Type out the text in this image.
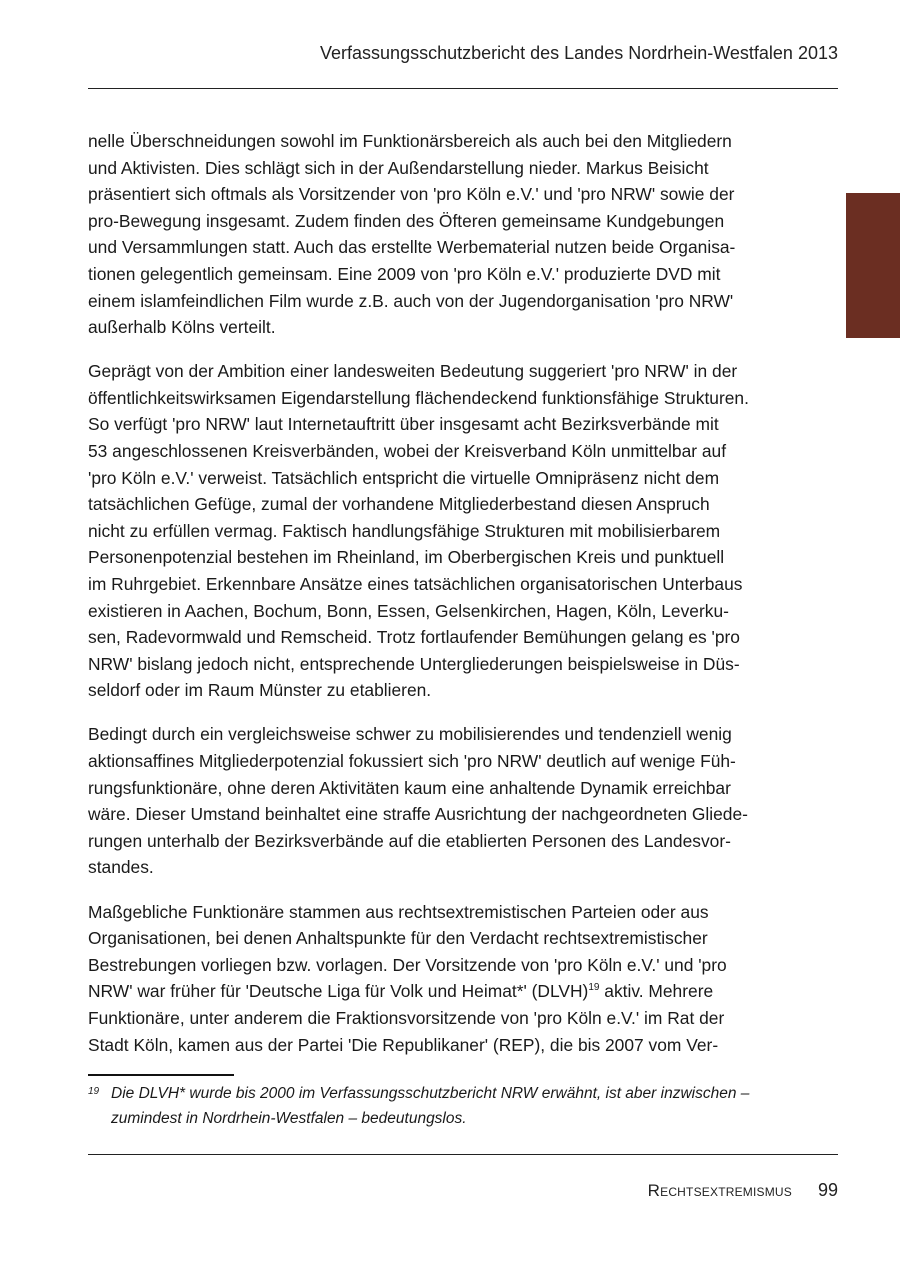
Verfassungsschutzbericht des Landes Nordrhein-Westfalen 2013

nelle Überschneidungen sowohl im Funktionärsbereich als auch bei den Mitgliedern
und Aktivisten. Dies schlägt sich in der Außendarstellung nieder. Markus Beisicht
präsentiert sich oftmals als Vorsitzender von 'pro Köln e.V.' und 'pro NRW' sowie der
pro-Bewegung insgesamt. Zudem finden des Öfteren gemeinsame Kundgebungen
und Versammlungen statt. Auch das erstellte Werbematerial nutzen beide Organisa-
tionen gelegentlich gemeinsam. Eine 2009 von 'pro Köln e.V.' produzierte DVD mit
einem islamfeindlichen Film wurde z.B. auch von der Jugendorganisation 'pro NRW'
außerhalb Kölns verteilt.

Geprägt von der Ambition einer landesweiten Bedeutung suggeriert 'pro NRW' in der
öffentlichkeitswirksamen Eigendarstellung flächendeckend funktionsfähige Strukturen.
So verfügt 'pro NRW' laut Internetauftritt über insgesamt acht Bezirksverbände mit
53 angeschlossenen Kreisverbänden, wobei der Kreisverband Köln unmittelbar auf
'pro Köln e.V.' verweist. Tatsächlich entspricht die virtuelle Omnipräsenz nicht dem
tatsächlichen Gefüge, zumal der vorhandene Mitgliederbestand diesen Anspruch
nicht zu erfüllen vermag. Faktisch handlungsfähige Strukturen mit mobilisierbarem
Personenpotenzial bestehen im Rheinland, im Oberbergischen Kreis und punktuell
im Ruhrgebiet. Erkennbare Ansätze eines tatsächlichen organisatorischen Unterbaus
existieren in Aachen, Bochum, Bonn, Essen, Gelsenkirchen, Hagen, Köln, Leverku-
sen, Radevormwald und Remscheid. Trotz fortlaufender Bemühungen gelang es 'pro
NRW' bislang jedoch nicht, entsprechende Untergliederungen beispielsweise in Düs-
seldorf oder im Raum Münster zu etablieren.

Bedingt durch ein vergleichsweise schwer zu mobilisierendes und tendenziell wenig
aktionsaffines Mitgliederpotenzial fokussiert sich 'pro NRW' deutlich auf wenige Füh-
rungsfunktionäre, ohne deren Aktivitäten kaum eine anhaltende Dynamik erreichbar
wäre. Dieser Umstand beinhaltet eine straffe Ausrichtung der nachgeordneten Gliede-
rungen unterhalb der Bezirksverbände auf die etablierten Personen des Landesvor-
standes.

Maßgebliche Funktionäre stammen aus rechtsextremistischen Parteien oder aus
Organisationen, bei denen Anhaltspunkte für den Verdacht rechtsextremistischer
Bestrebungen vorliegen bzw. vorlagen. Der Vorsitzende von 'pro Köln e.V.' und 'pro
NRW' war früher für 'Deutsche Liga für Volk und Heimat*' (DLVH)$^{19}$ aktiv. Mehrere
Funktionäre, unter anderem die Fraktionsvorsitzende von 'pro Köln e.V.' im Rat der
Stadt Köln, kamen aus der Partei 'Die Republikaner' (REP), die bis 2007 vom Ver-

19 Die DLVH* wurde bis 2000 im Verfassungsschutzbericht NRW erwähnt, ist aber inzwischen –
zumindest in Nordrhein-Westfalen – bedeutungslos.
Rechtsextremismus 99
